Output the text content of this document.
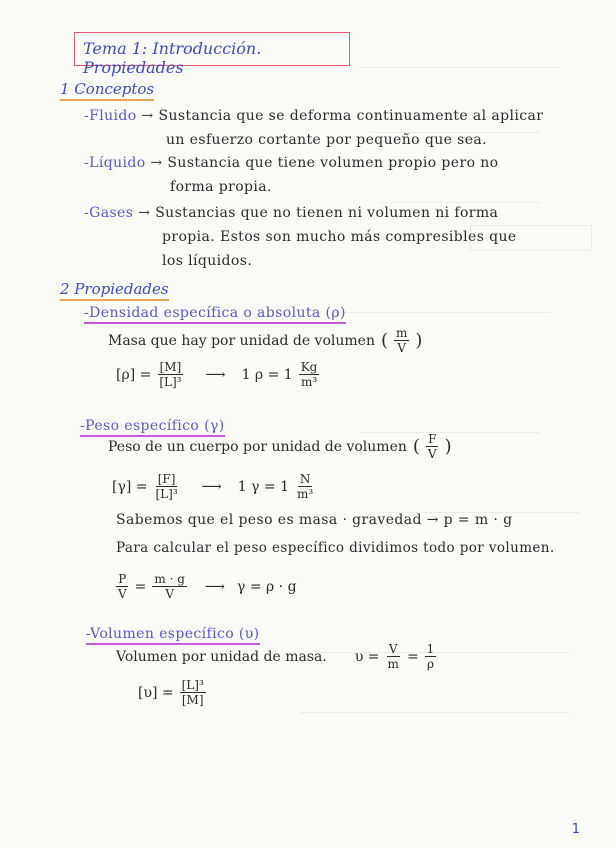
Tema 1: Introducción. Propiedades
1 Conceptos
-Fluido → Sustancia que se deforma continuamente al aplicar
un esfuerzo cortante por pequeño que sea.
-Líquido → Sustancia que tiene volumen propio pero no
forma propia.
-Gases → Sustancias que no tienen ni volumen ni forma
propia. Estos son mucho más compresibles que
los líquidos.
2 Propiedades
-Densidad específica o absoluta (ρ)
Masa que hay por unidad de volumen ( $\frac{m}{V}$ )
$[\rho] = \frac{[M]}{\text{[L]³}}$ ⟶ 1 $\rho = 1 \frac{Kg}{\text{m³}}$
-Peso específico (γ)
Peso de un cuerpo por unidad de volumen ( $\frac{F}{V}$ )
$[\gamma] = \frac{[F]}{\text{[L]³}}$ ⟶ 1 $\gamma = 1 \frac{N}{\text{m³}}$
Sabemos que el peso es masa · gravedad → p = m · g
Para calcular el peso específico dividimos todo por volumen.
$\frac{P}{V} = \frac{m \cdot g}{V}$ ⟶ γ = ρ · g
-Volumen específico (υ)
Volumen por unidad de masa. $\upsilon = \frac{V}{m} = \frac{1}{\rho}$
$[\upsilon] = \frac{\text{[L]³}}{[M]}$
1
